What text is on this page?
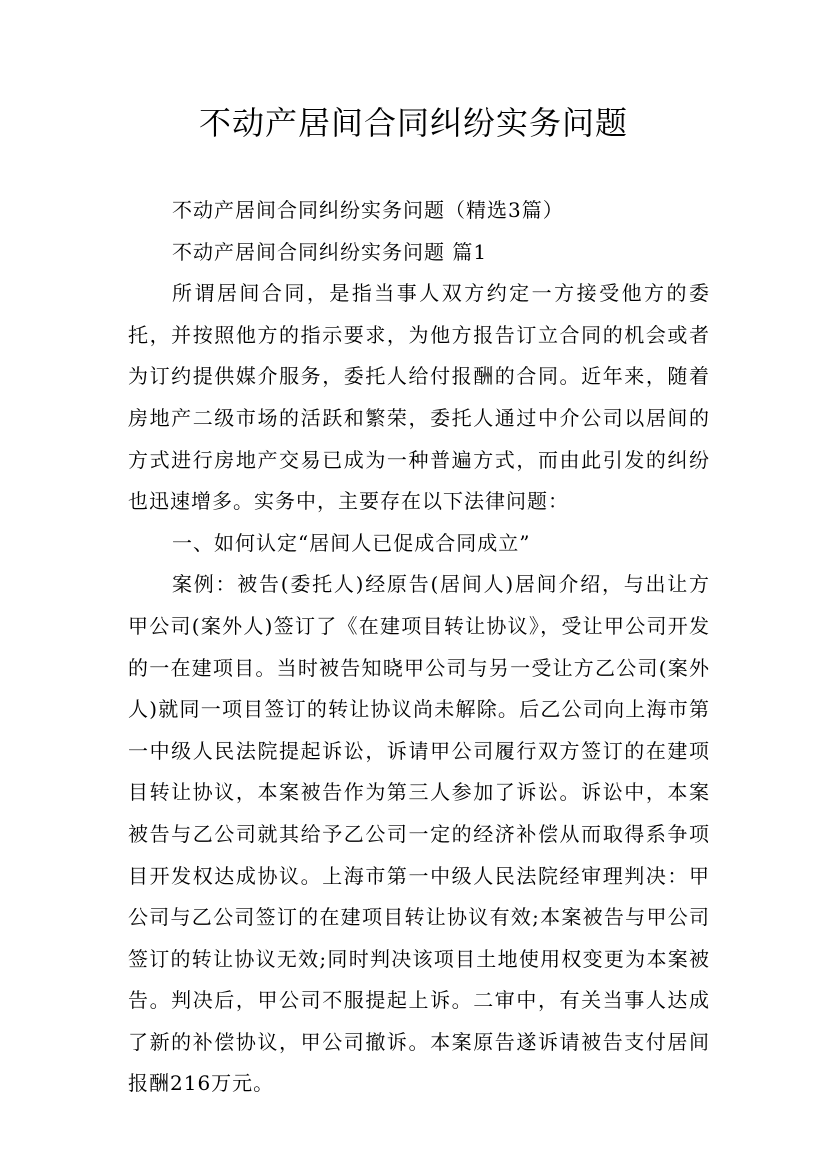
不动产居间合同纠纷实务问题

不动产居间合同纠纷实务问题（精选3篇）

不动产居间合同纠纷实务问题 篇1

所谓居间合同，是指当事人双方约定一方接受他方的委托，并按照他方的指示要求，为他方报告订立合同的机会或者为订约提供媒介服务，委托人给付报酬的合同。近年来，随着房地产二级市场的活跃和繁荣，委托人通过中介公司以居间的方式进行房地产交易已成为一种普遍方式，而由此引发的纠纷也迅速增多。实务中，主要存在以下法律问题：

一、如何认定“居间人已促成合同成立”

案例：被告(委托人)经原告(居间人)居间介绍，与出让方甲公司(案外人)签订了《在建项目转让协议》，受让甲公司开发的一在建项目。当时被告知晓甲公司与另一受让方乙公司(案外人)就同一项目签订的转让协议尚未解除。后乙公司向上海市第一中级人民法院提起诉讼，诉请甲公司履行双方签订的在建项目转让协议，本案被告作为第三人参加了诉讼。诉讼中，本案被告与乙公司就其给予乙公司一定的经济补偿从而取得系争项目开发权达成协议。上海市第一中级人民法院经审理判决：甲公司与乙公司签订的在建项目转让协议有效;本案被告与甲公司签订的转让协议无效;同时判决该项目土地使用权变更为本案被告。判决后，甲公司不服提起上诉。二审中，有关当事人达成了新的补偿协议，甲公司撤诉。本案原告遂诉请被告支付居间报酬216万元。
